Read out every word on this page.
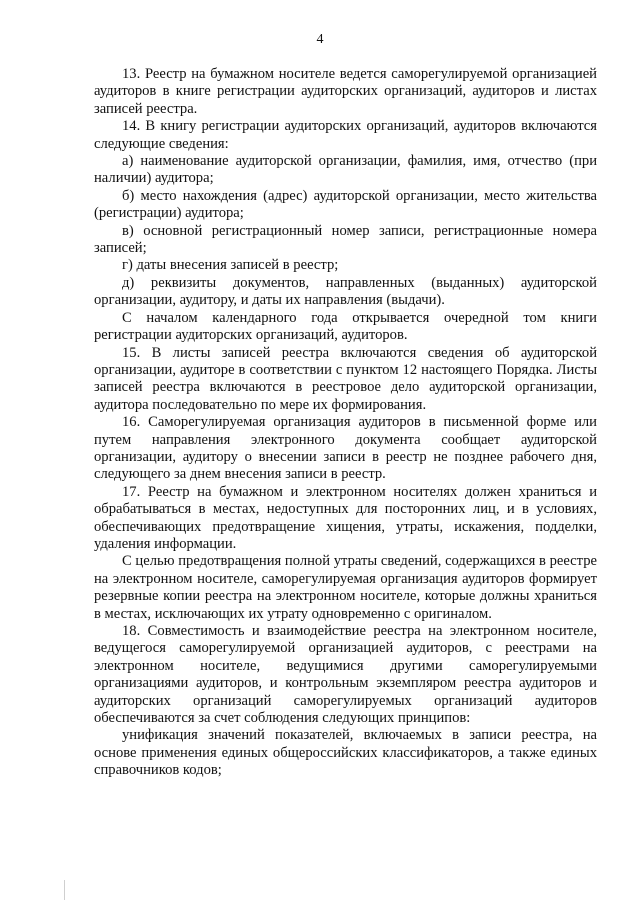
4

13. Реестр на бумажном носителе ведется саморегулируемой организацией аудиторов в книге регистрации аудиторских организаций, аудиторов и листах записей реестра.

14. В книгу регистрации аудиторских организаций, аудиторов включаются следующие сведения:

а) наименование аудиторской организации, фамилия, имя, отчество (при наличии) аудитора;

б) место нахождения (адрес) аудиторской организации, место жительства (регистрации) аудитора;

в) основной регистрационный номер записи, регистрационные номера записей;

г) даты внесения записей в реестр;

д) реквизиты документов, направленных (выданных) аудиторской организации, аудитору, и даты их направления (выдачи).

С началом календарного года открывается очередной том книги регистрации аудиторских организаций, аудиторов.

15. В листы записей реестра включаются сведения об аудиторской организации, аудиторе в соответствии с пунктом 12 настоящего Порядка. Листы записей реестра включаются в реестровое дело аудиторской организации, аудитора последовательно по мере их формирования.

16. Саморегулируемая организация аудиторов в письменной форме или путем направления электронного документа сообщает аудиторской организации, аудитору о внесении записи в реестр не позднее рабочего дня, следующего за днем внесения записи в реестр.

17. Реестр на бумажном и электронном носителях должен храниться и обрабатываться в местах, недоступных для посторонних лиц, и в условиях, обеспечивающих предотвращение хищения, утраты, искажения, подделки, удаления информации.

С целью предотвращения полной утраты сведений, содержащихся в реестре на электронном носителе, саморегулируемая организация аудиторов формирует резервные копии реестра на электронном носителе, которые должны храниться в местах, исключающих их утрату одновременно с оригиналом.

18. Совместимость и взаимодействие реестра на электронном носителе, ведущегося саморегулируемой организацией аудиторов, с реестрами на электронном носителе, ведущимися другими саморегулируемыми организациями аудиторов, и контрольным экземпляром реестра аудиторов и аудиторских организаций саморегулируемых организаций аудиторов обеспечиваются за счет соблюдения следующих принципов:

унификация значений показателей, включаемых в записи реестра, на основе применения единых общероссийских классификаторов, а также единых справочников кодов;
